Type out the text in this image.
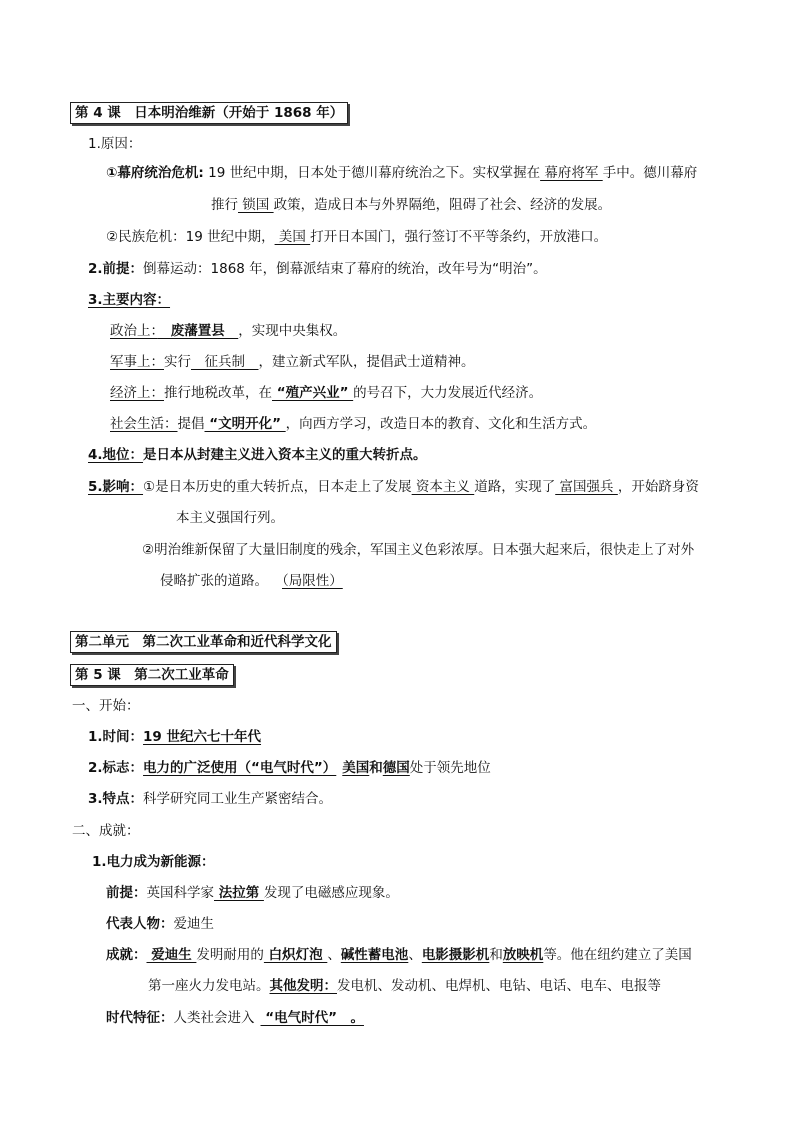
第 4 课　日本明治维新（开始于 1868 年）
1.原因：
①幕府统治危机: 19 世纪中期，日本处于德川幕府统治之下。实权掌握在 幕府将军 手中。德川幕府
推行 锁国 政策，造成日本与外界隔绝，阻碍了社会、经济的发展。
②民族危机：19 世纪中期， 美国 打开日本国门，强行签订不平等条约，开放港口。
2.前提：倒幕运动：1868 年，倒幕派结束了幕府的统治，改年号为“明治”。
3.主要内容：
政治上：　废藩置县　，实现中央集权。
军事上：实行　征兵制　，建立新式军队，提倡武士道精神。
经济上：推行地税改革，在 “殖产兴业” 的号召下，大力发展近代经济。
社会生活：提倡 “文明开化” ，向西方学习，改造日本的教育、文化和生活方式。
4.地位：是日本从封建主义进入资本主义的重大转折点。
5.影响：①是日本历史的重大转折点，日本走上了发展 资本主义 道路，实现了 富国强兵 ，开始跻身资
本主义强国行列。
②明治维新保留了大量旧制度的残余，军国主义色彩浓厚。日本强大起来后，很快走上了对外
侵略扩张的道路。 （局限性）
第二单元　第二次工业革命和近代科学文化
第 5 课　第二次工业革命
一、开始：
1.时间：19 世纪六七十年代
2.标志：电力的广泛使用（“电气时代”） 美国和德国处于领先地位
3.特点：科学研究同工业生产紧密结合。
二、成就：
1.电力成为新能源：
前提：英国科学家 法拉第 发现了电磁感应现象。
代表人物：爱迪生
成就： 爱迪生 发明耐用的 白炽灯泡 、碱性蓄电池、电影摄影机和放映机等。他在纽约建立了美国
第一座火力发电站。其他发明：发电机、发动机、电焊机、电钻、电话、电车、电报等
时代特征：人类社会进入 “电气时代”　。
